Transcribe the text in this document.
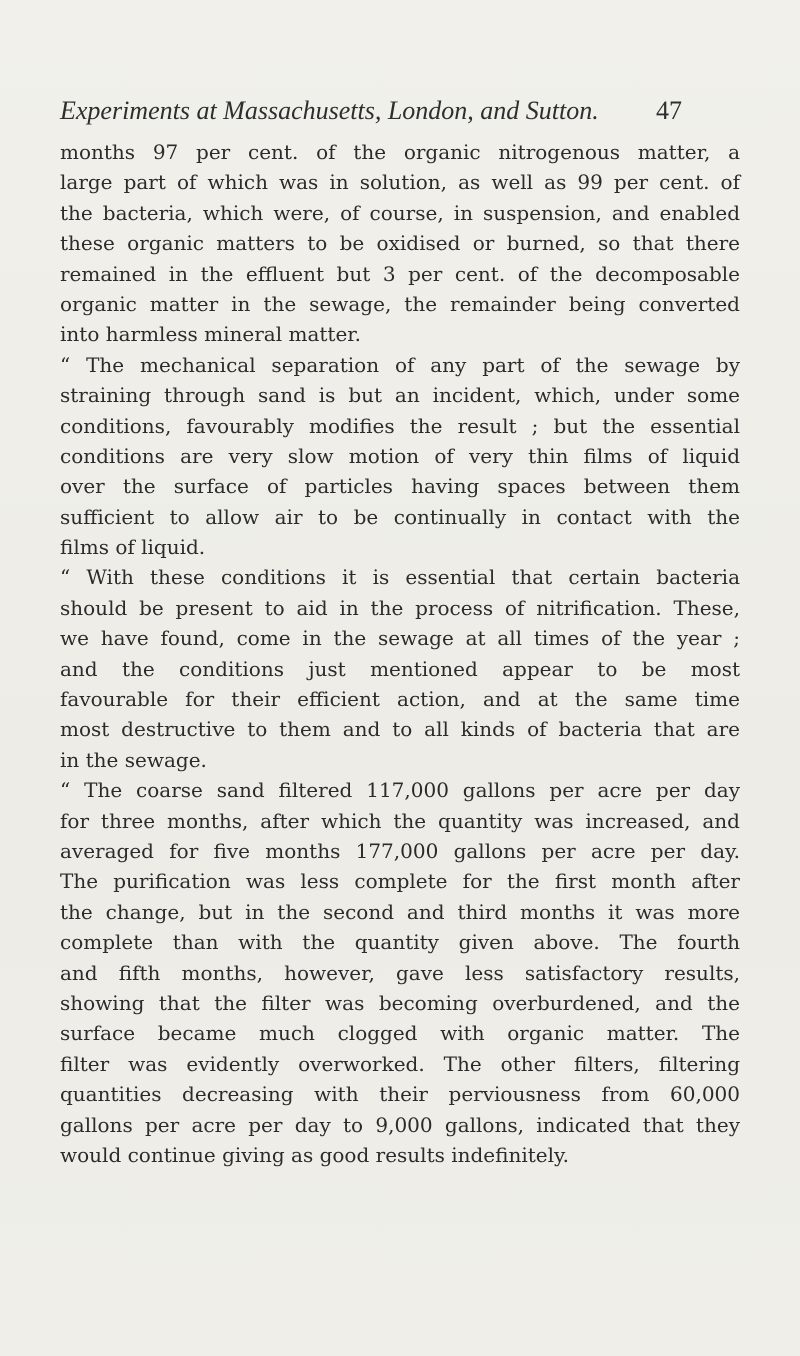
Experiments at Massachusetts, London, and Sutton. 47
months 97 per cent. of the organic nitrogenous matter, a
large part of which was in solution, as well as 99 per cent. of
the bacteria, which were, of course, in suspension, and enabled
these organic matters to be oxidised or burned, so that there
remained in the effluent but 3 per cent. of the decomposable
organic matter in the sewage, the remainder being converted
into harmless mineral matter.
“ The mechanical separation of any part of the sewage by
straining through sand is but an incident, which, under some
conditions, favourably modifies the result ; but the essential
conditions are very slow motion of very thin films of liquid
over the surface of particles having spaces between them
sufficient to allow air to be continually in contact with the
films of liquid.
“ With these conditions it is essential that certain bacteria
should be present to aid in the process of nitrification. These,
we have found, come in the sewage at all times of the year ;
and the conditions just mentioned appear to be most
favourable for their efficient action, and at the same time
most destructive to them and to all kinds of bacteria that are
in the sewage.
“ The coarse sand filtered 117,000 gallons per acre per day
for three months, after which the quantity was increased, and
averaged for five months 177,000 gallons per acre per day.
The purification was less complete for the first month after
the change, but in the second and third months it was more
complete than with the quantity given above. The fourth
and fifth months, however, gave less satisfactory results,
showing that the filter was becoming overburdened, and the
surface became much clogged with organic matter. The
filter was evidently overworked. The other filters, filtering
quantities decreasing with their perviousness from 60,000
gallons per acre per day to 9,000 gallons, indicated that they
would continue giving as good results indefinitely.
